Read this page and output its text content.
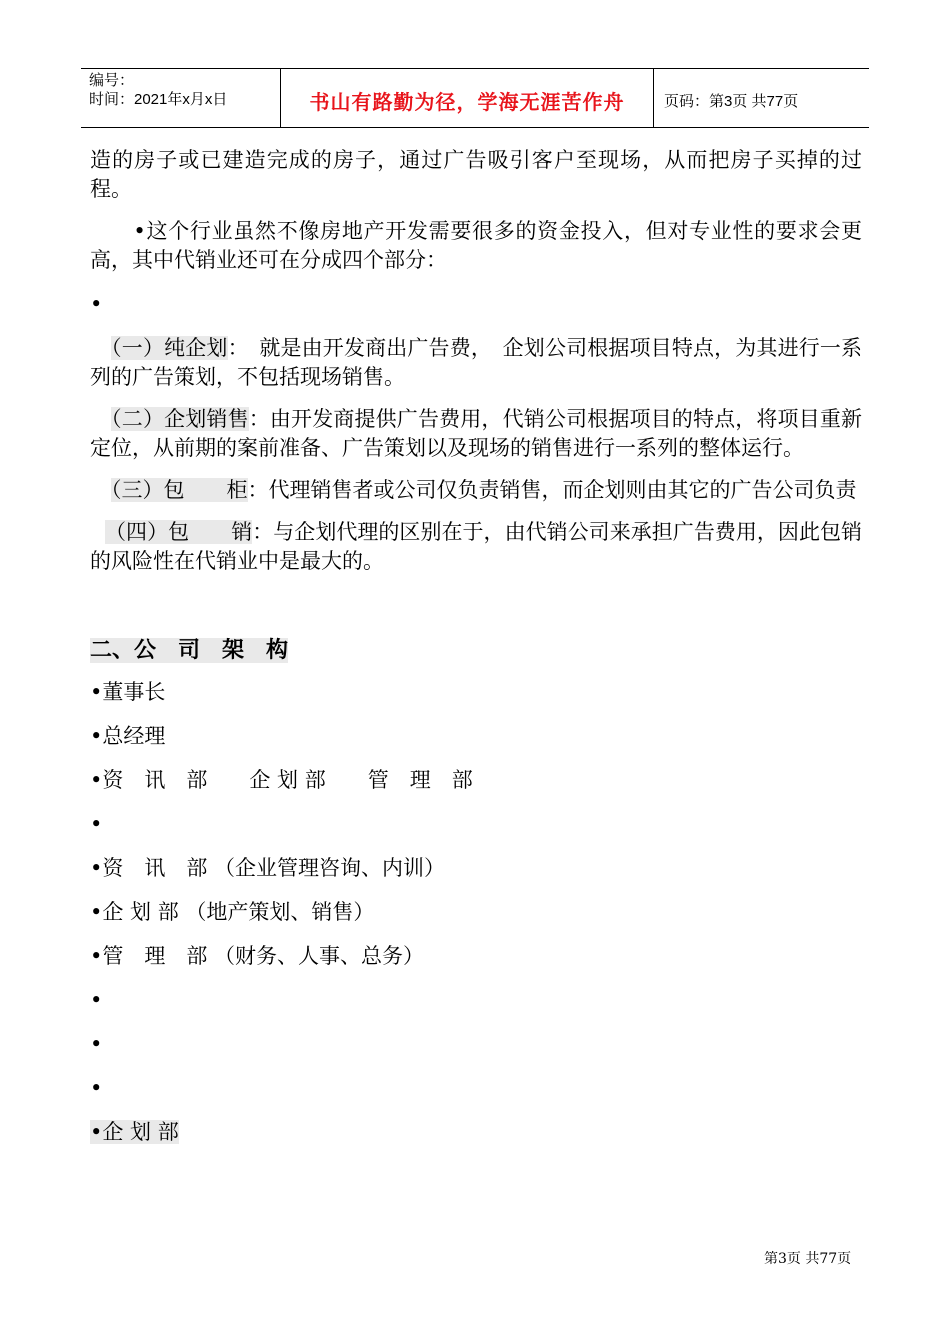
编号：
时间：2021年x月x日	书山有路勤为径，学海无涯苦作舟	页码：第3页 共77页

造的房子或已建造完成的房子，通过广告吸引客户至现场，从而把房子买掉的过程。

　　•这个行业虽然不像房地产开发需要很多的资金投入，但对专业性的要求会更高，其中代销业还可在分成四个部分：

•

　（一）纯企划：　就是由开发商出广告费，　企划公司根据项目特点，为其进行一系列的广告策划，不包括现场销售。

　（二）企划销售：由开发商提供广告费用，代销公司根据项目的特点，将项目重新定位，从前期的案前准备、广告策划以及现场的销售进行一系列的整体运行。

　（三）包　　柜：代理销售者或公司仅负责销售，而企划则由其它的广告公司负责

（四）包　　销：与企划代理的区别在于，由代销公司来承担广告费用，因此包销的风险性在代销业中是最大的。

二、公　司　架　构

•董事长

•总经理

•资　讯　部　　企 划 部　　管　理　部

•

•资　讯　部 （企业管理咨询、内训）

•企 划 部 （地产策划、销售）

•管　理　部 （财务、人事、总务）

•

•

•

•企 划 部

第3页 共77页
